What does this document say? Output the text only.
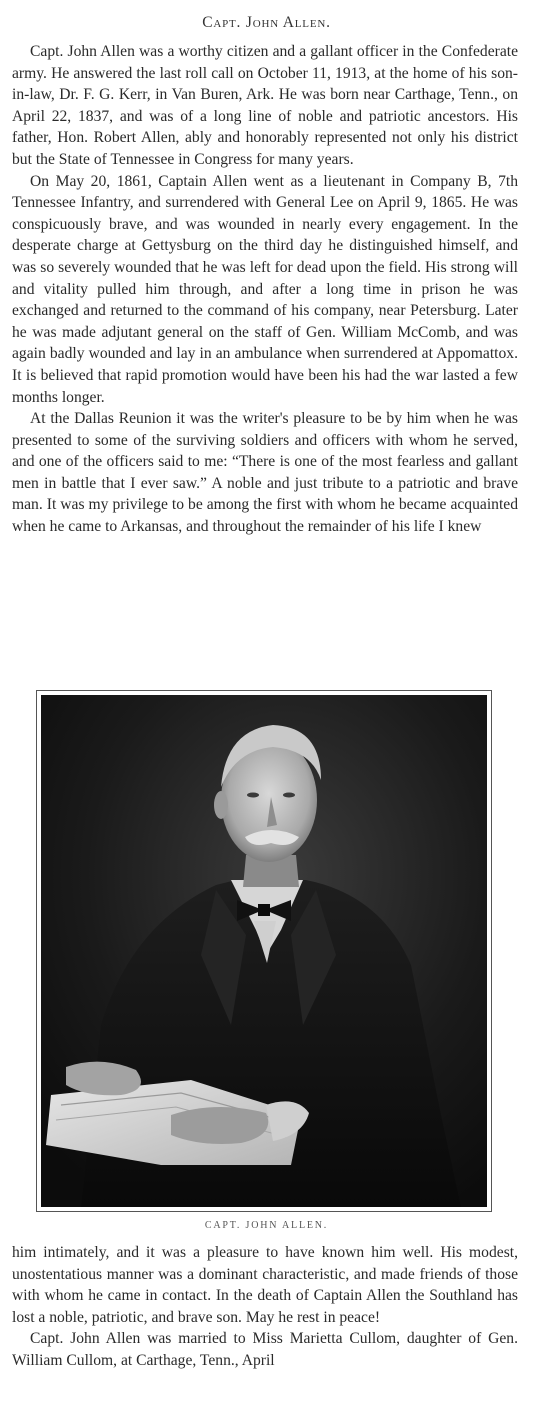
Capt. John Allen.

Capt. John Allen was a worthy citizen and a gallant officer in the Confederate army. He answered the last roll call on October 11, 1913, at the home of his son-in-law, Dr. F. G. Kerr, in Van Buren, Ark. He was born near Carthage, Tenn., on April 22, 1837, and was of a long line of noble and patriotic ancestors. His father, Hon. Robert Allen, ably and honorably represented not only his district but the State of Tennessee in Congress for many years.

On May 20, 1861, Captain Allen went as a lieutenant in Company B, 7th Tennessee Infantry, and surrendered with General Lee on April 9, 1865. He was conspicuously brave, and was wounded in nearly every engagement. In the desperate charge at Gettysburg on the third day he distinguished himself, and was so severely wounded that he was left for dead upon the field. His strong will and vitality pulled him through, and after a long time in prison he was exchanged and returned to the command of his company, near Petersburg. Later he was made adjutant general on the staff of Gen. William McComb, and was again badly wounded and lay in an ambulance when surrendered at Appomattox. It is believed that rapid promotion would have been his had the war lasted a few months longer.

At the Dallas Reunion it was the writer's pleasure to be by him when he was presented to some of the surviving soldiers and officers with whom he served, and one of the officers said to me: “There is one of the most fearless and gallant men in battle that I ever saw.” A noble and just tribute to a patriotic and brave man. It was my privilege to be among the first with whom he became acquainted when he came to Arkansas, and throughout the remainder of his life I knew

CAPT. JOHN ALLEN.

him intimately, and it was a pleasure to have known him well. His modest, unostentatious manner was a dominant characteristic, and made friends of those with whom he came in contact. In the death of Captain Allen the Southland has lost a noble, patriotic, and brave son. May he rest in peace!

Capt. John Allen was married to Miss Marietta Cullom, daughter of Gen. William Cullom, at Carthage, Tenn., April
